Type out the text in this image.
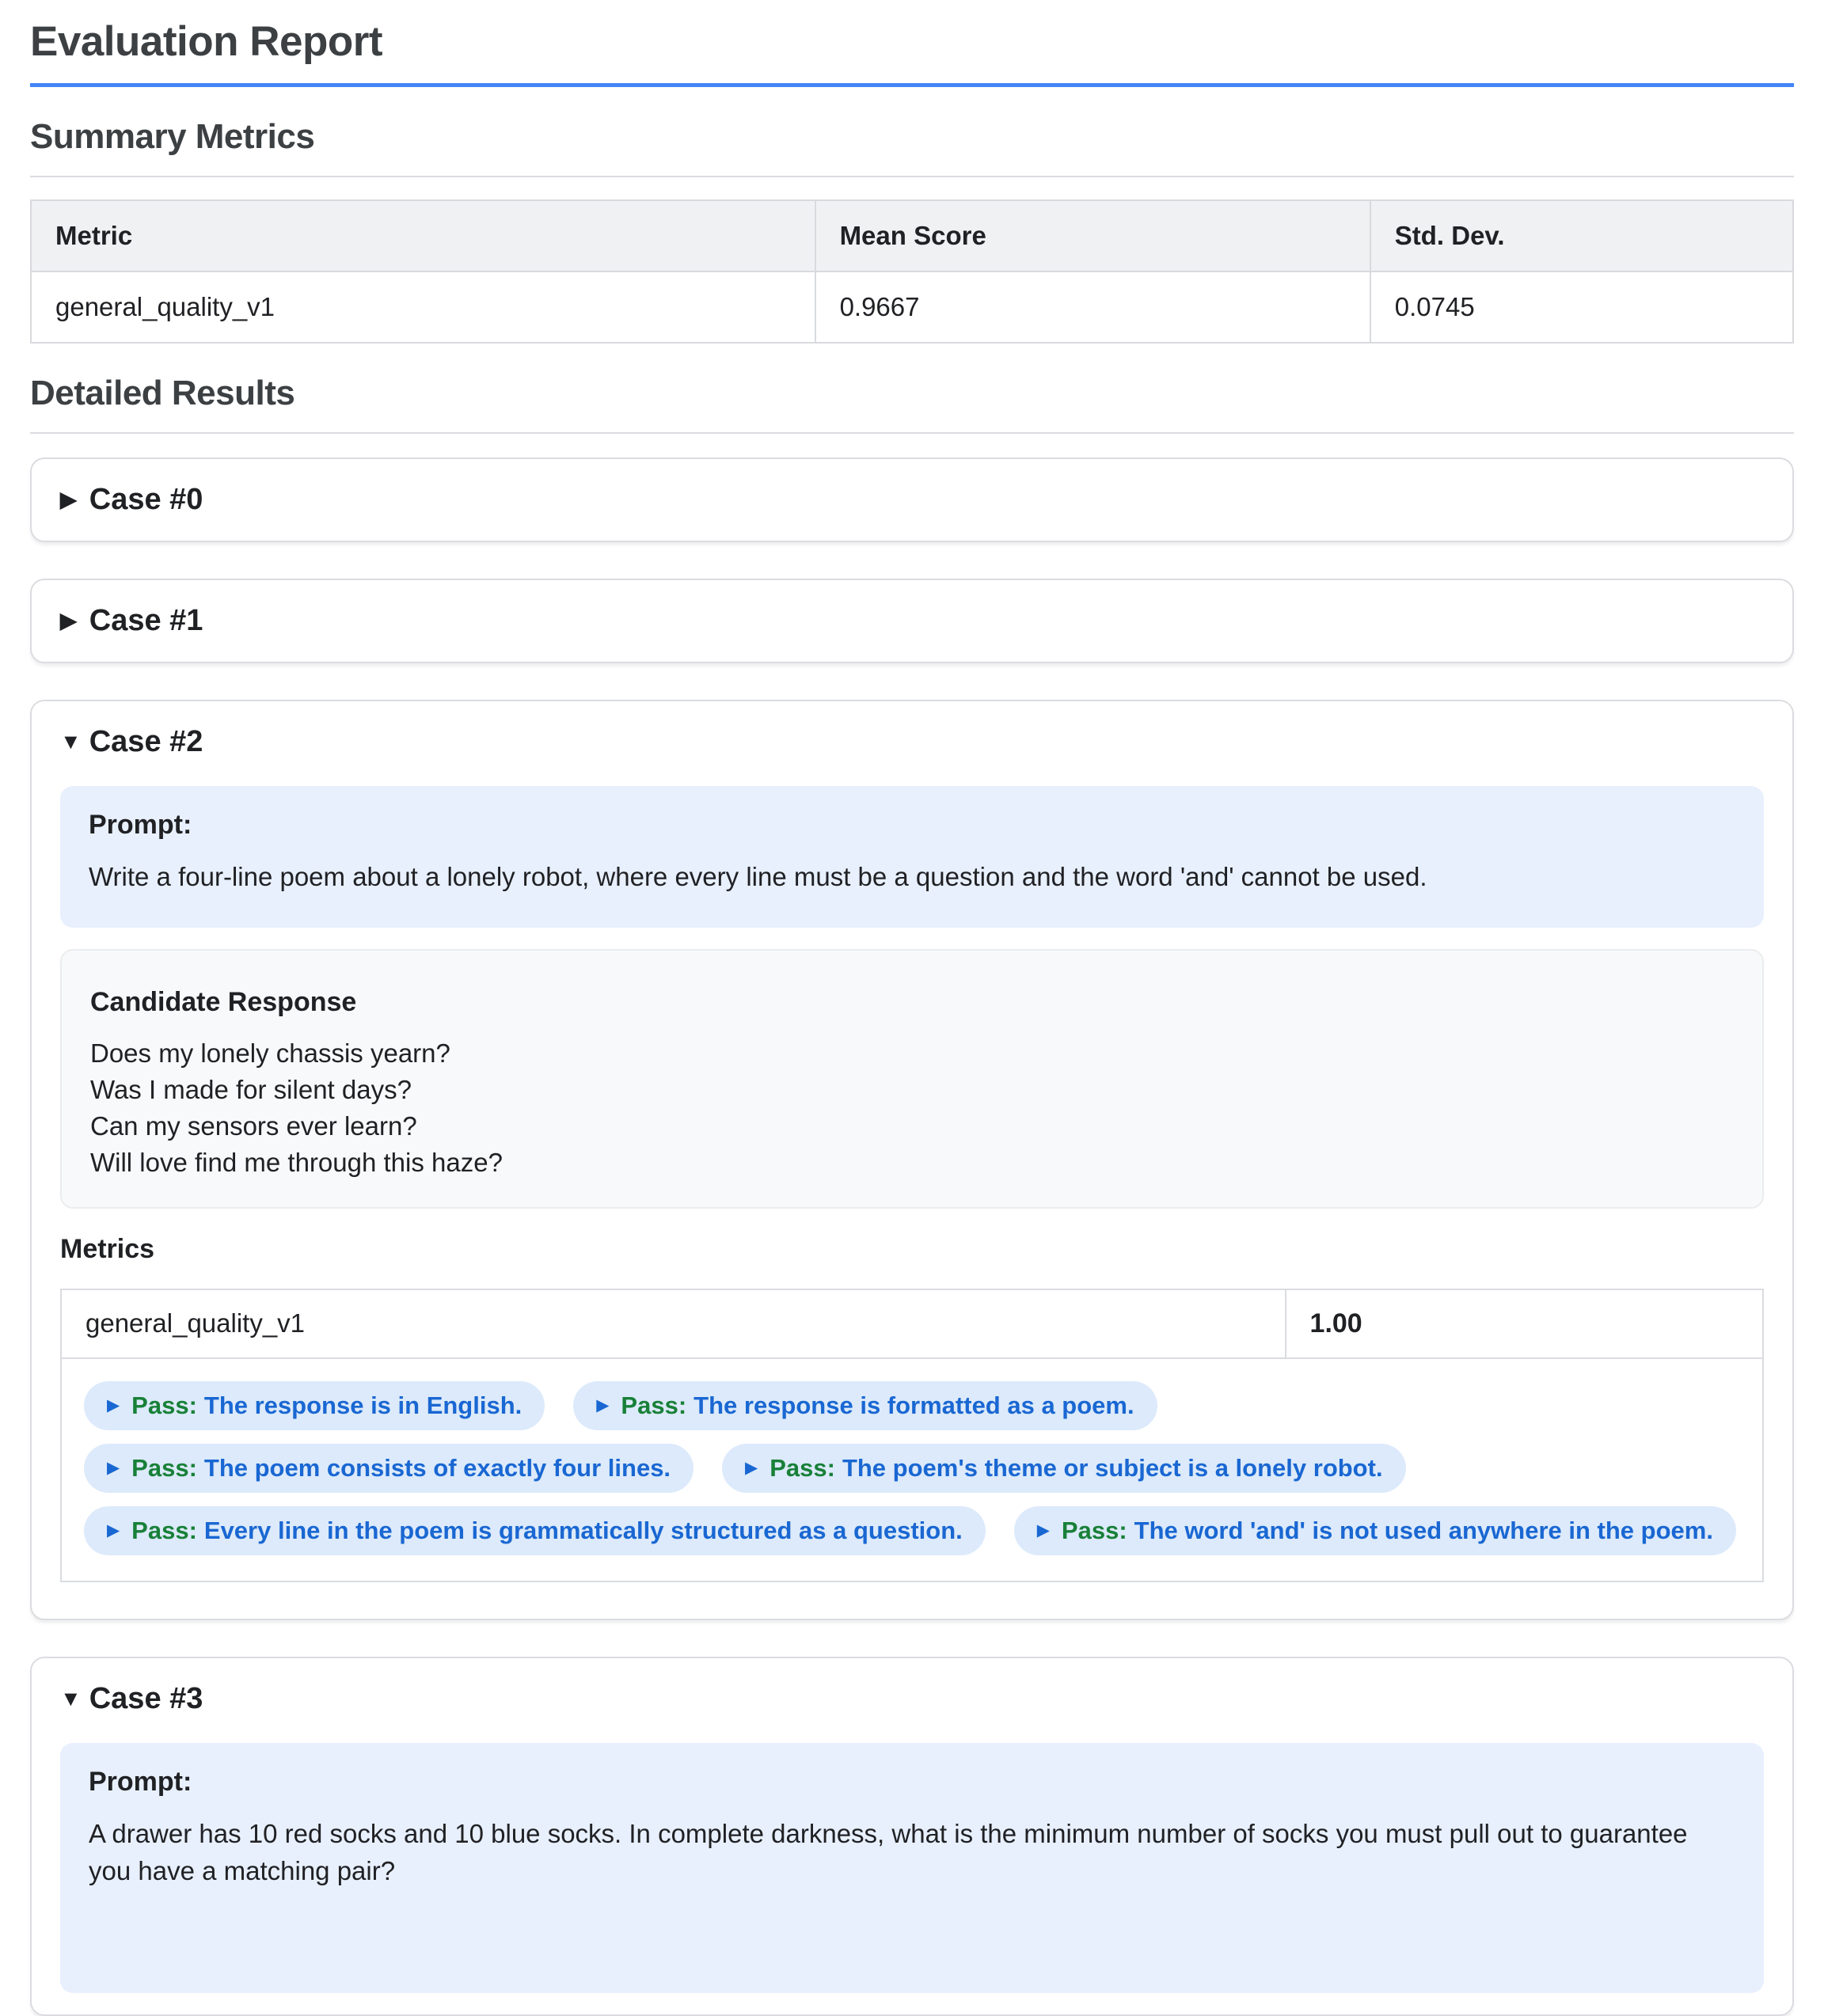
Evaluation Report
Summary Metrics
Metric	Mean Score	Std. Dev.
general_quality_v1	0.9667	0.0745
Detailed Results
▶ Case #0
▶ Case #1
▼ Case #2
Prompt:
Write a four-line poem about a lonely robot, where every line must be a question and the word 'and' cannot be used.
Candidate Response
Does my lonely chassis yearn?
Was I made for silent days?
Can my sensors ever learn?
Will love find me through this haze?
Metrics
general_quality_v1	1.00
▶ Pass: The response is in English.	▶ Pass: The response is formatted as a poem.
▶ Pass: The poem consists of exactly four lines.	▶ Pass: The poem's theme or subject is a lonely robot.
▶ Pass: Every line in the poem is grammatically structured as a question.	▶ Pass: The word 'and' is not used anywhere in the poem.
▼ Case #3
Prompt:
A drawer has 10 red socks and 10 blue socks. In complete darkness, what is the minimum number of socks you must pull out to guarantee you have a matching pair?
